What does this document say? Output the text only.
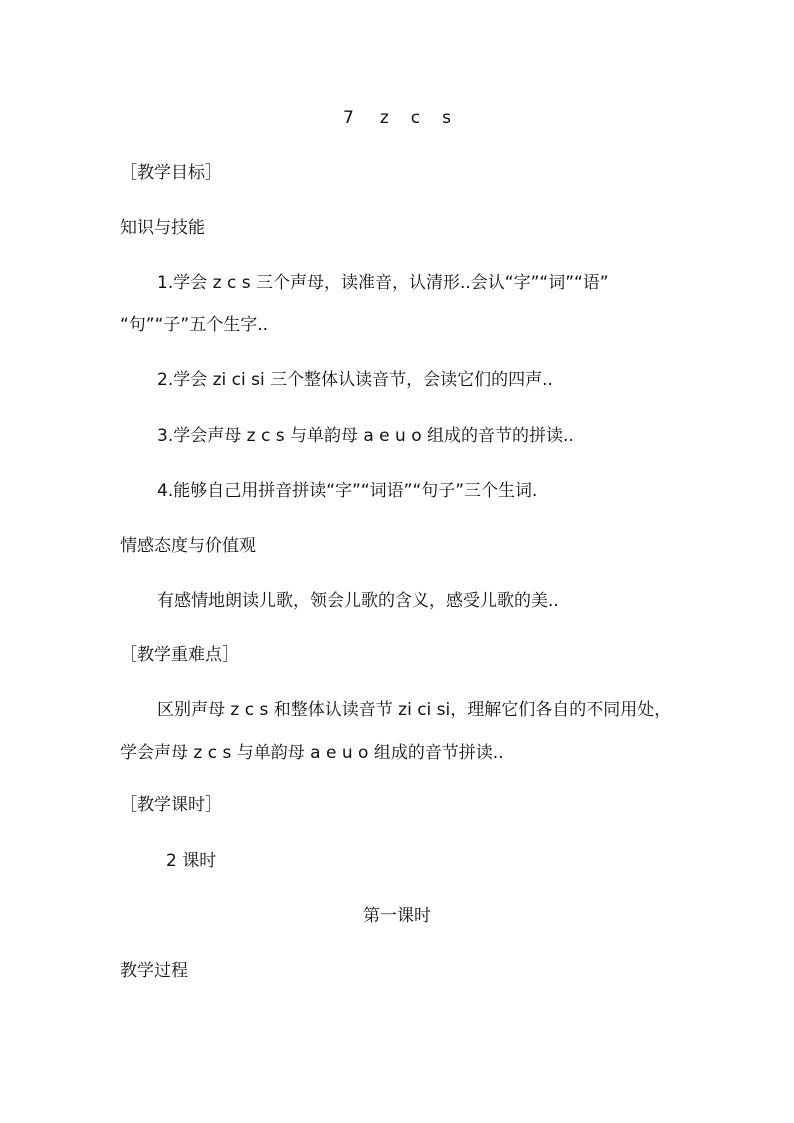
7 z c s
［教学目标］
知识与技能
1.学会 z c s 三个声母，读准音，认清形..会认“字”“词”“语”
“句”“子”五个生字..
2.学会 zi ci si 三个整体认读音节，会读它们的四声..
3.学会声母 z c s 与单韵母 a e u o 组成的音节的拼读..
4.能够自己用拼音拼读“字”“词语”“句子”三个生词.
情感态度与价值观
有感情地朗读儿歌，领会儿歌的含义，感受儿歌的美..
［教学重难点］
区别声母 z c s 和整体认读音节 zi ci si，理解它们各自的不同用处，
学会声母 z c s 与单韵母 a e u o 组成的音节拼读..
［教学课时］
2 课时
第一课时
教学过程
